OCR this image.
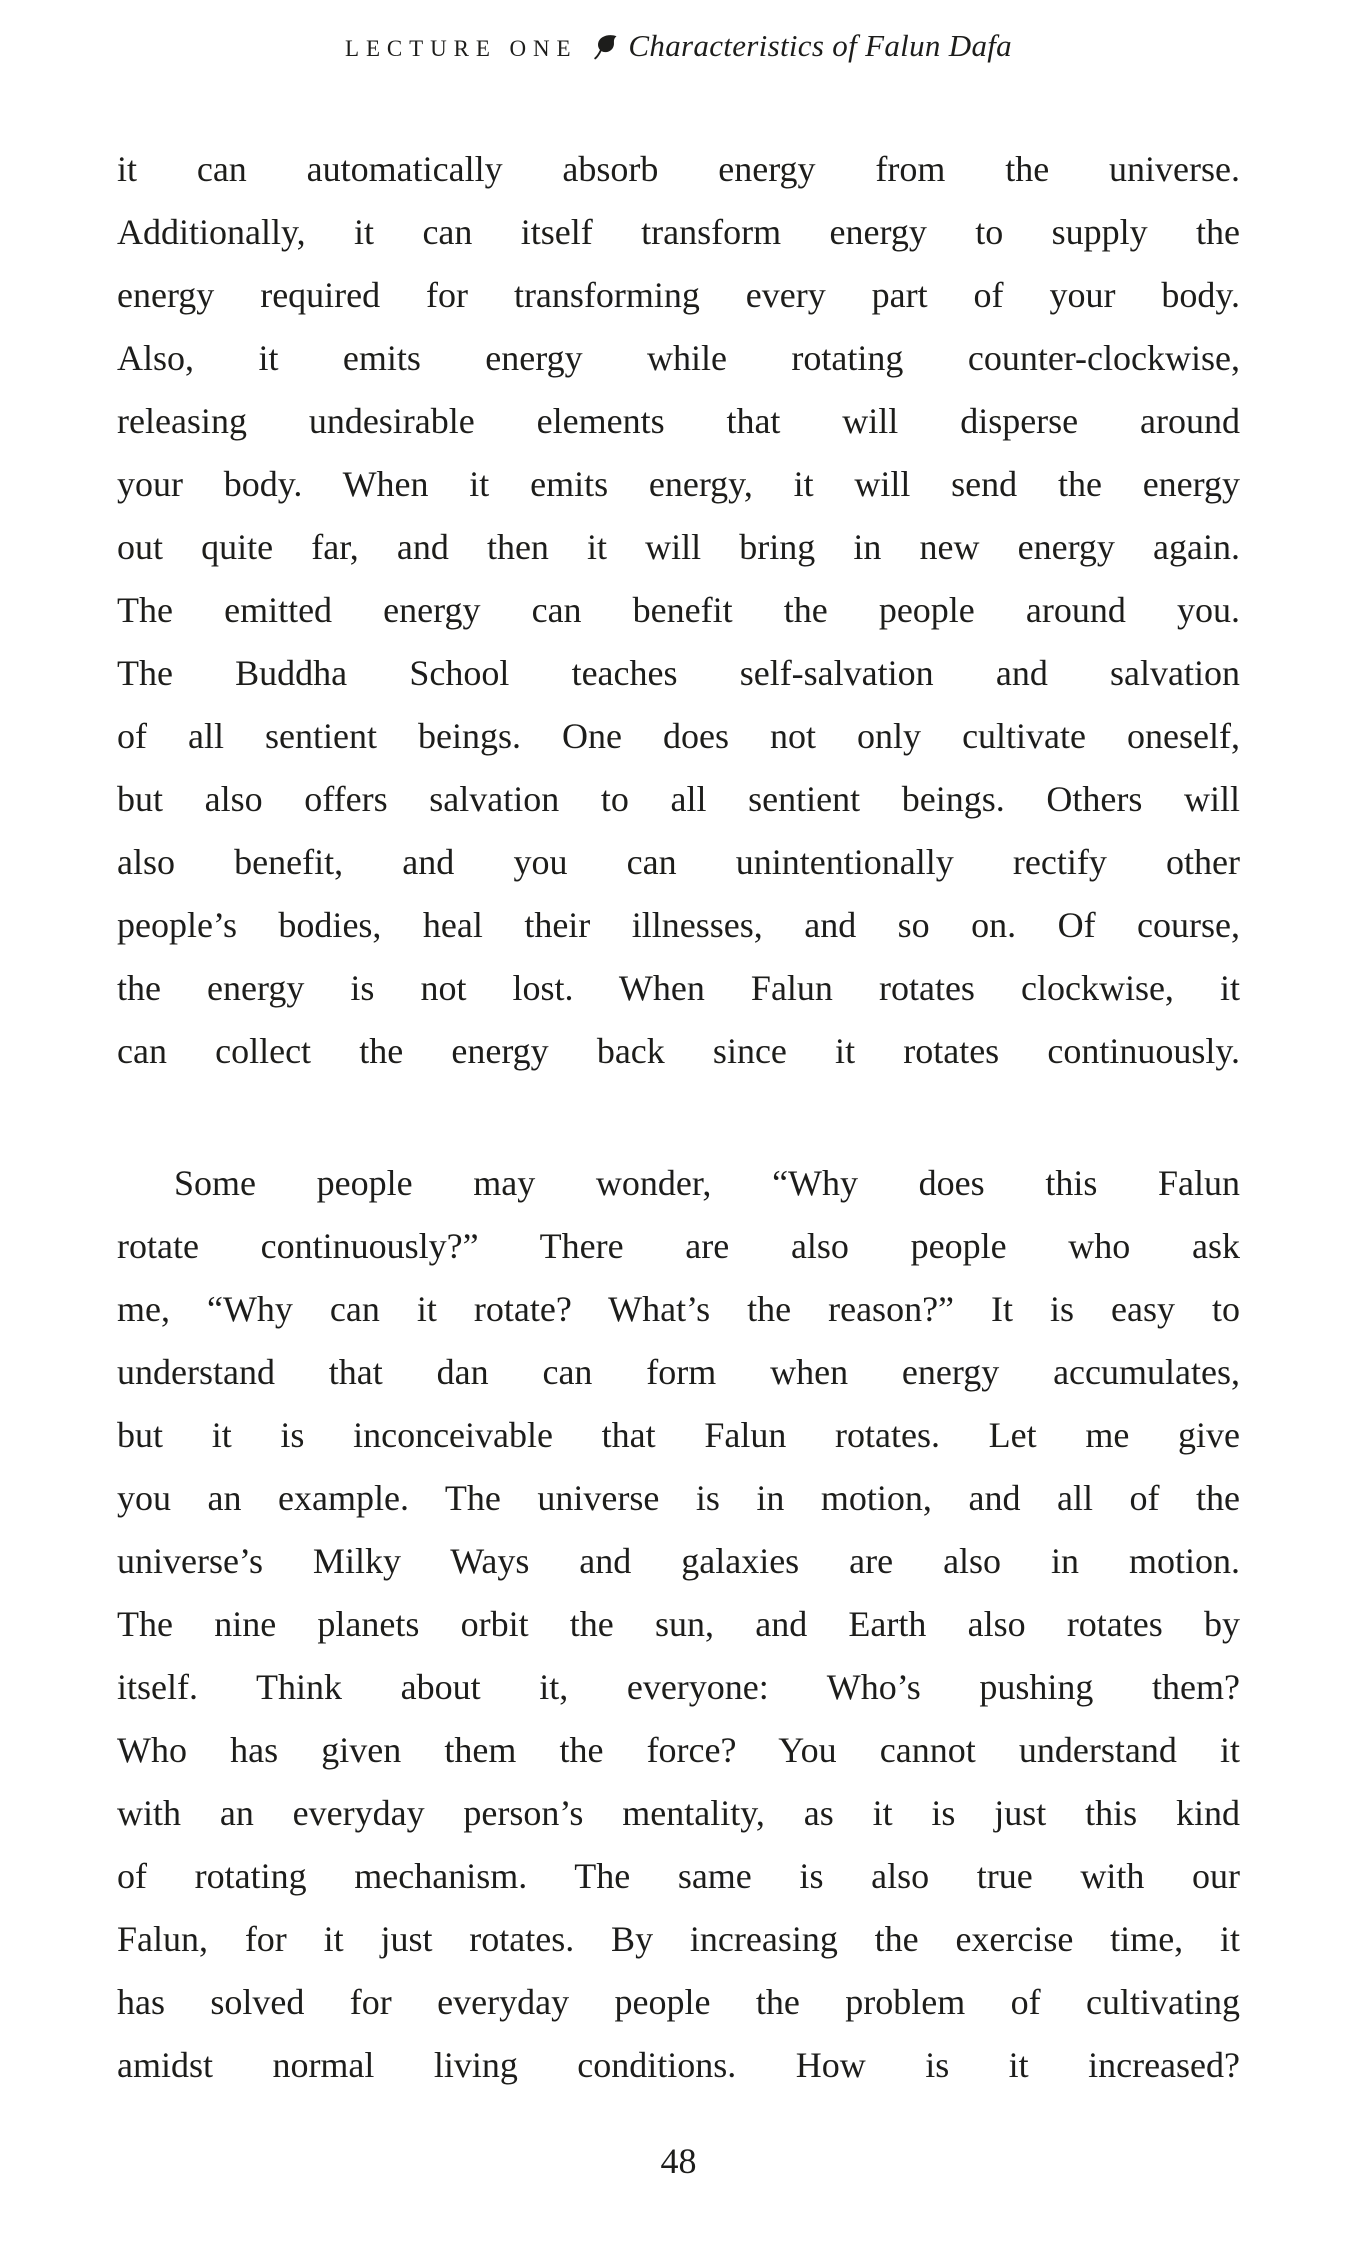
LECTURE ONE Characteristics of Falun Dafa
it can automatically absorb energy from the universe.
Additionally, it can itself transform energy to supply the
energy required for transforming every part of your body.
Also, it emits energy while rotating counter-clockwise,
releasing undesirable elements that will disperse around
your body. When it emits energy, it will send the energy
out quite far, and then it will bring in new energy again.
The emitted energy can benefit the people around you.
The Buddha School teaches self-salvation and salvation
of all sentient beings. One does not only cultivate oneself,
but also offers salvation to all sentient beings. Others will
also benefit, and you can unintentionally rectify other
people’s bodies, heal their illnesses, and so on. Of course,
the energy is not lost. When Falun rotates clockwise, it
can collect the energy back since it rotates continuously.
Some people may wonder, “Why does this Falun
rotate continuously?” There are also people who ask
me, “Why can it rotate? What’s the reason?” It is easy to
understand that dan can form when energy accumulates,
but it is inconceivable that Falun rotates. Let me give
you an example. The universe is in motion, and all of the
universe’s Milky Ways and galaxies are also in motion.
The nine planets orbit the sun, and Earth also rotates by
itself. Think about it, everyone: Who’s pushing them?
Who has given them the force? You cannot understand it
with an everyday person’s mentality, as it is just this kind
of rotating mechanism. The same is also true with our
Falun, for it just rotates. By increasing the exercise time, it
has solved for everyday people the problem of cultivating
amidst normal living conditions. How is it increased?
48
